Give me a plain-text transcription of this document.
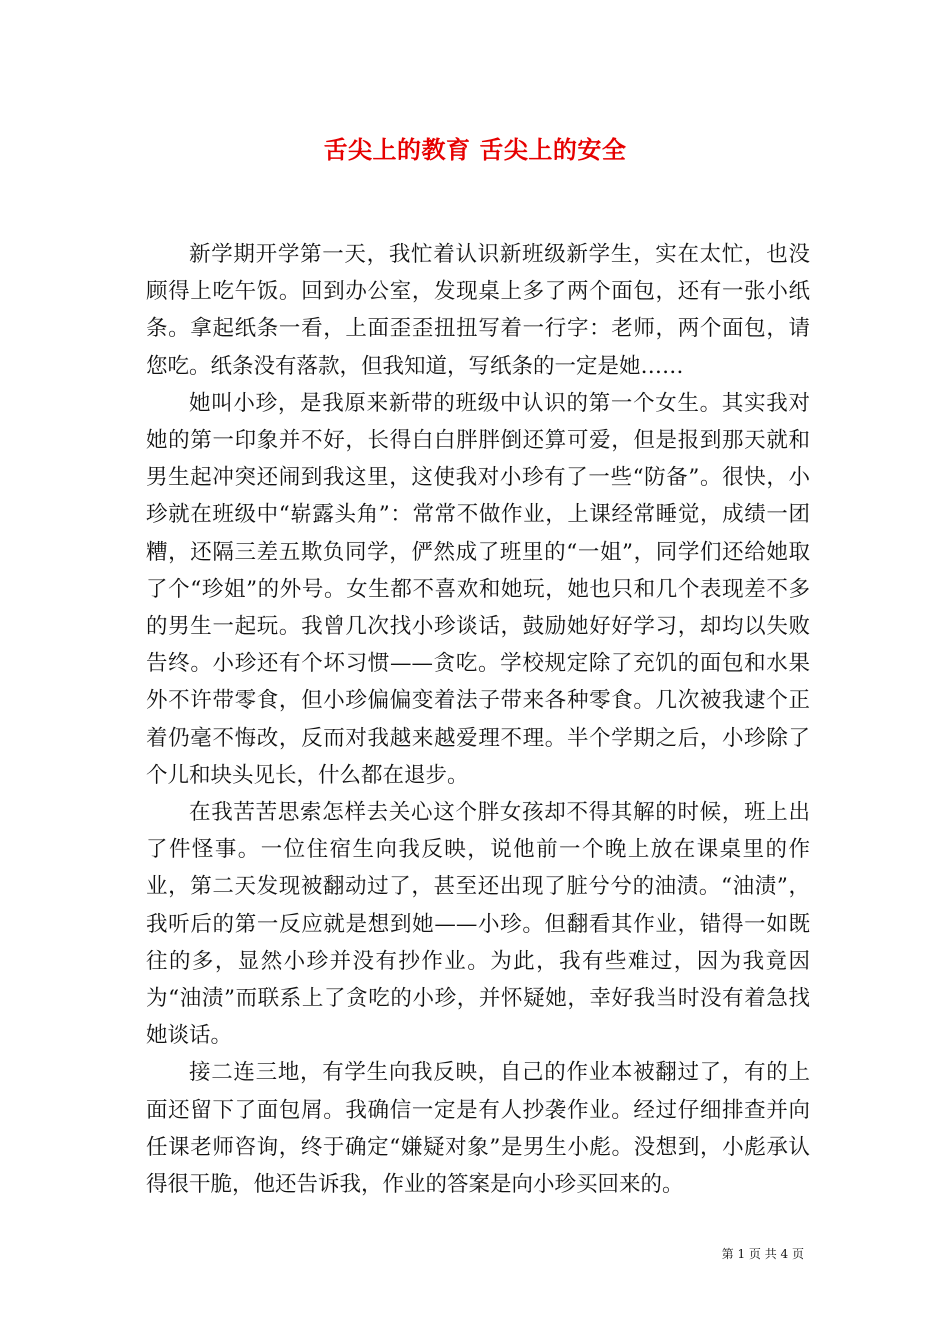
舌尖上的教育 舌尖上的安全

新学期开学第一天，我忙着认识新班级新学生，实在太忙，也没顾得上吃午饭。回到办公室，发现桌上多了两个面包，还有一张小纸条。拿起纸条一看，上面歪歪扭扭写着一行字：老师，两个面包，请您吃。纸条没有落款，但我知道，写纸条的一定是她……

她叫小珍，是我原来新带的班级中认识的第一个女生。其实我对她的第一印象并不好，长得白白胖胖倒还算可爱，但是报到那天就和男生起冲突还闹到我这里，这使我对小珍有了一些“防备”。很快，小珍就在班级中“崭露头角”：常常不做作业，上课经常睡觉，成绩一团糟，还隔三差五欺负同学，俨然成了班里的“一姐”，同学们还给她取了个“珍姐”的外号。女生都不喜欢和她玩，她也只和几个表现差不多的男生一起玩。我曾几次找小珍谈话，鼓励她好好学习，却均以失败告终。小珍还有个坏习惯——贪吃。学校规定除了充饥的面包和水果外不许带零食，但小珍偏偏变着法子带来各种零食。几次被我逮个正着仍毫不悔改，反而对我越来越爱理不理。半个学期之后，小珍除了个儿和块头见长，什么都在退步。

在我苦苦思索怎样去关心这个胖女孩却不得其解的时候，班上出了件怪事。一位住宿生向我反映，说他前一个晚上放在课桌里的作业，第二天发现被翻动过了，甚至还出现了脏兮兮的油渍。“油渍”，我听后的第一反应就是想到她——小珍。但翻看其作业，错得一如既往的多，显然小珍并没有抄作业。为此，我有些难过，因为我竟因为“油渍”而联系上了贪吃的小珍，并怀疑她，幸好我当时没有着急找她谈话。

接二连三地，有学生向我反映，自己的作业本被翻过了，有的上面还留下了面包屑。我确信一定是有人抄袭作业。经过仔细排查并向任课老师咨询，终于确定“嫌疑对象”是男生小彪。没想到，小彪承认得很干脆，他还告诉我，作业的答案是向小珍买回来的。

第 1 页 共 4 页
